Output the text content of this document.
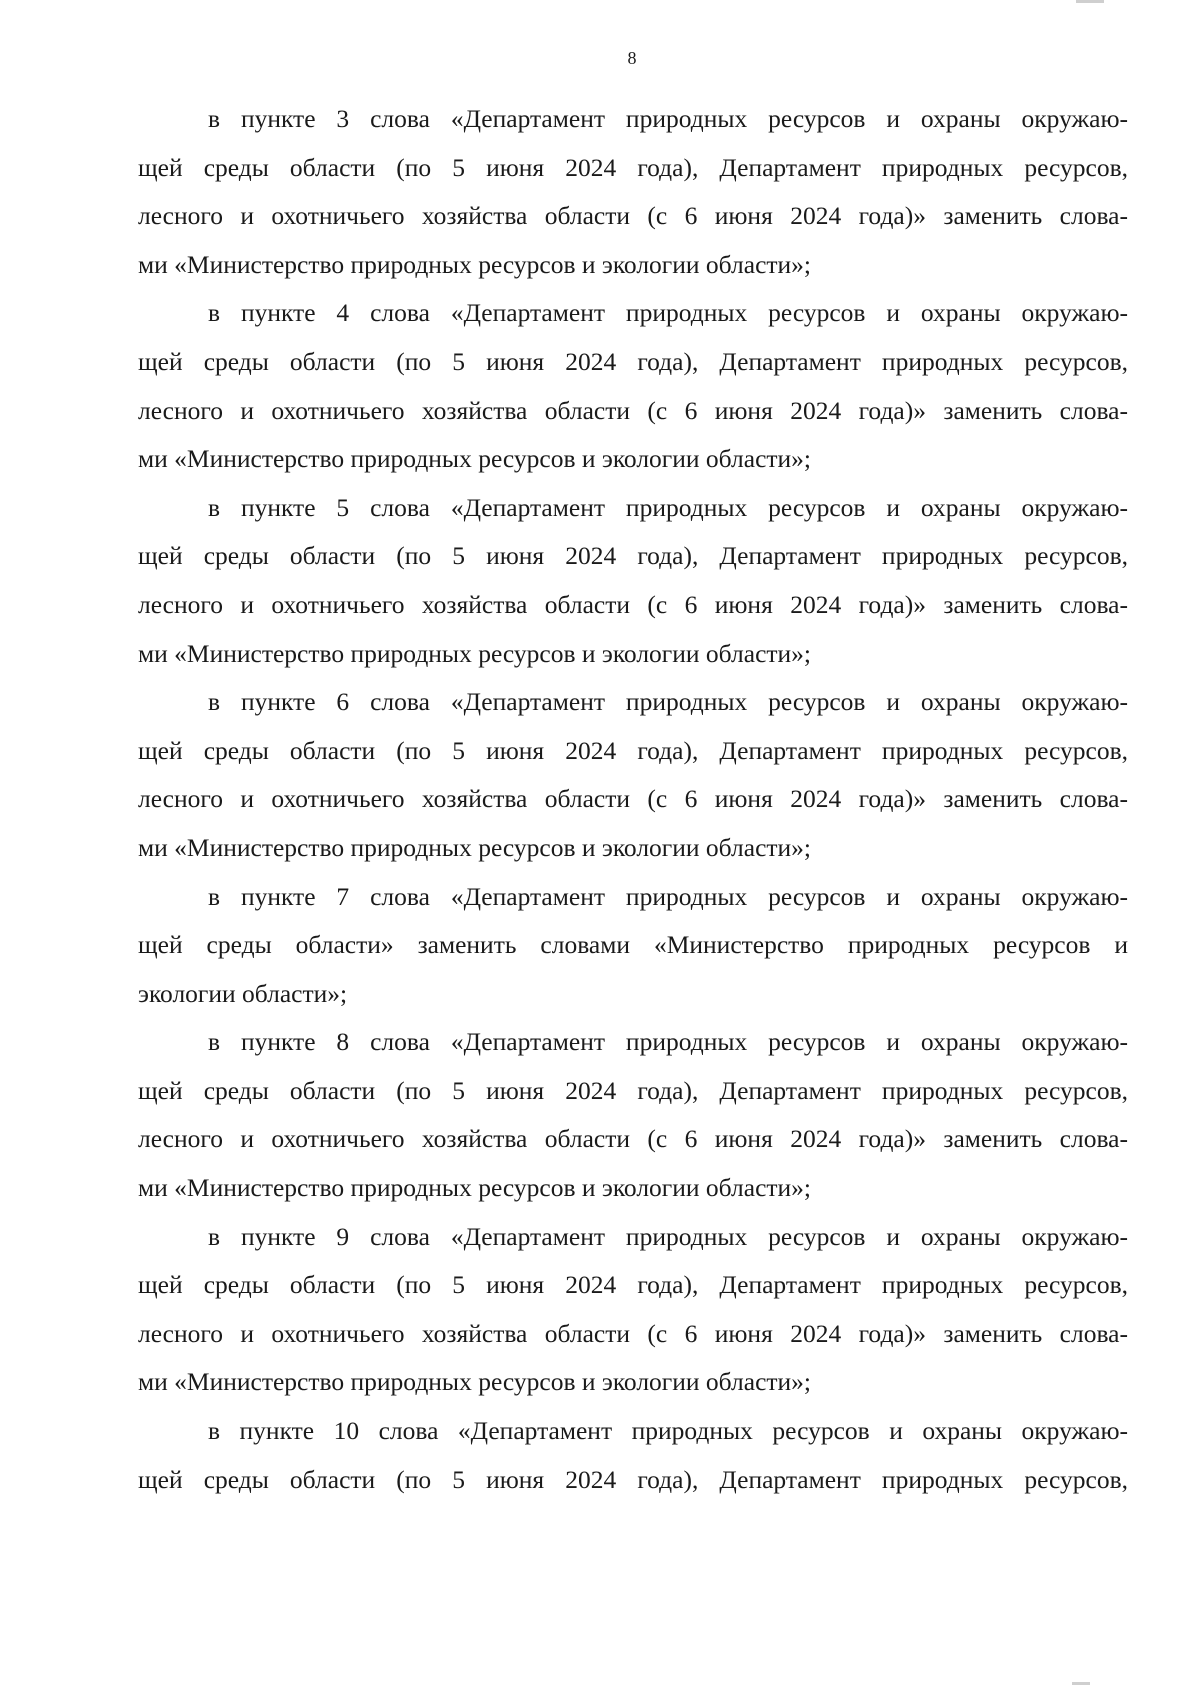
8
в пункте 3 слова «Департамент природных ресурсов и охраны окружаю-
щей среды области (по 5 июня 2024 года), Департамент природных ресурсов,
лесного и охотничьего хозяйства области (с 6 июня 2024 года)» заменить слова-
ми «Министерство природных ресурсов и экологии области»;
в пункте 4 слова «Департамент природных ресурсов и охраны окружаю-
щей среды области (по 5 июня 2024 года), Департамент природных ресурсов,
лесного и охотничьего хозяйства области (с 6 июня 2024 года)» заменить слова-
ми «Министерство природных ресурсов и экологии области»;
в пункте 5 слова «Департамент природных ресурсов и охраны окружаю-
щей среды области (по 5 июня 2024 года), Департамент природных ресурсов,
лесного и охотничьего хозяйства области (с 6 июня 2024 года)» заменить слова-
ми «Министерство природных ресурсов и экологии области»;
в пункте 6 слова «Департамент природных ресурсов и охраны окружаю-
щей среды области (по 5 июня 2024 года), Департамент природных ресурсов,
лесного и охотничьего хозяйства области (с 6 июня 2024 года)» заменить слова-
ми «Министерство природных ресурсов и экологии области»;
в пункте 7 слова «Департамент природных ресурсов и охраны окружаю-
щей среды области» заменить словами «Министерство природных ресурсов и
экологии области»;
в пункте 8 слова «Департамент природных ресурсов и охраны окружаю-
щей среды области (по 5 июня 2024 года), Департамент природных ресурсов,
лесного и охотничьего хозяйства области (с 6 июня 2024 года)» заменить слова-
ми «Министерство природных ресурсов и экологии области»;
в пункте 9 слова «Департамент природных ресурсов и охраны окружаю-
щей среды области (по 5 июня 2024 года), Департамент природных ресурсов,
лесного и охотничьего хозяйства области (с 6 июня 2024 года)» заменить слова-
ми «Министерство природных ресурсов и экологии области»;
в пункте 10 слова «Департамент природных ресурсов и охраны окружаю-
щей среды области (по 5 июня 2024 года), Департамент природных ресурсов,
